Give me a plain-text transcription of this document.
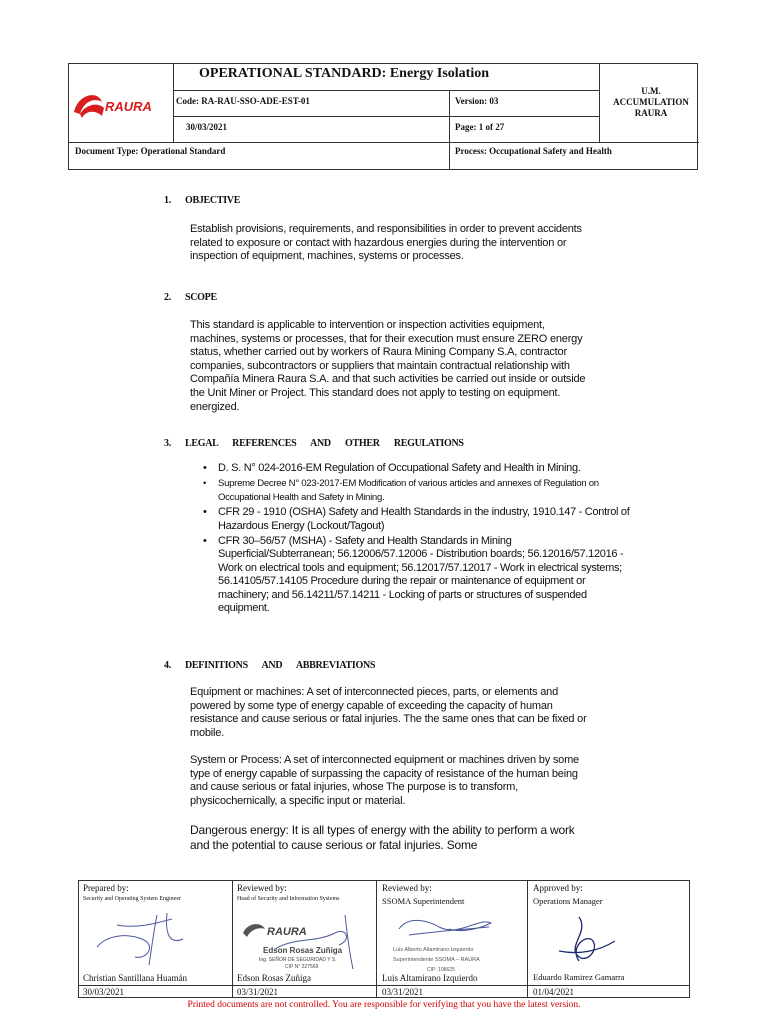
RAURA
OPERATIONAL STANDARD: Energy Isolation
Code: RA-RAU-SSO-ADE-EST-01
30/03/2021
Version: 03
Page: 1 of 27
U.M.
ACCUMULATION
RAURA
Document Type: Operational Standard	Process: Occupational Safety and Health
1. OBJECTIVE

Establish provisions, requirements, and responsibilities in order to prevent accidents related to exposure or contact with hazardous energies during the intervention or inspection of equipment, machines, systems or processes.

2. SCOPE

This standard is applicable to intervention or inspection activities equipment, machines, systems or processes, that for their execution must ensure ZERO energy status, whether carried out by workers of Raura Mining Company S.A, contractor companies, subcontractors or suppliers that maintain contractual relationship with Compañía Minera Raura S.A. and that such activities be carried out inside or outside the Unit Miner or Project. This standard does not apply to testing on equipment. energized.

3. LEGAL REFERENCES AND OTHER REGULATIONS
• D. S. N° 024-2016-EM Regulation of Occupational Safety and Health in Mining.
• Supreme Decree N° 023-2017-EM Modification of various articles and annexes of Regulation on Occupational Health and Safety in Mining.
• CFR 29 - 1910 (OSHA) Safety and Health Standards in the industry, 1910.147 - Control of Hazardous Energy (Lockout/Tagout)
• CFR 30–56/57 (MSHA) - Safety and Health Standards in Mining Superficial/Subterranean; 56.12006/57.12006 - Distribution boards; 56.12016/57.12016 - Work on electrical tools and equipment; 56.12017/57.12017 - Work in electrical systems; 56.14105/57.14105 Procedure during the repair or maintenance of equipment or machinery; and 56.14211/57.14211 - Locking of parts or structures of suspended equipment.
4. DEFINITIONS AND ABBREVIATIONS

Equipment or machines: A set of interconnected pieces, parts, or elements and powered by some type of energy capable of exceeding the capacity of human resistance and cause serious or fatal injuries. The the same ones that can be fixed or mobile.

System or Process: A set of interconnected equipment or machines driven by some type of energy capable of surpassing the capacity of resistance of the human being and cause serious or fatal injuries, whose The purpose is to transform, physicochemically, a specific input or material.

Dangerous energy: It is all types of energy with the ability to perform a work and the potential to cause serious or fatal injuries. Some

Prepared by:
Security and Operating System Engineer
Christian Santillana Huamán
30/03/2021
Reviewed by:
Head of Security and Information Systems
RAURA
Edson Rosas Zuñiga
Ing. SEÑOR DE SEGURIDAD Y S.
CIP N° 227569
Edson Rosas Zuñiga
03/31/2021
Reviewed by:
SSOMA Superintendent
Luis Alberto Altamirano Izquierdo
Superintendente SSOMA – RAURA
CIP: 108625
Luis Altamirano Izquierdo
03/31/2021
Approved by:
Operations Manager
Eduardo Ramirez Gamarra
01/04/2021
Printed documents are not controlled. You are responsible for verifying that you have the latest version.
